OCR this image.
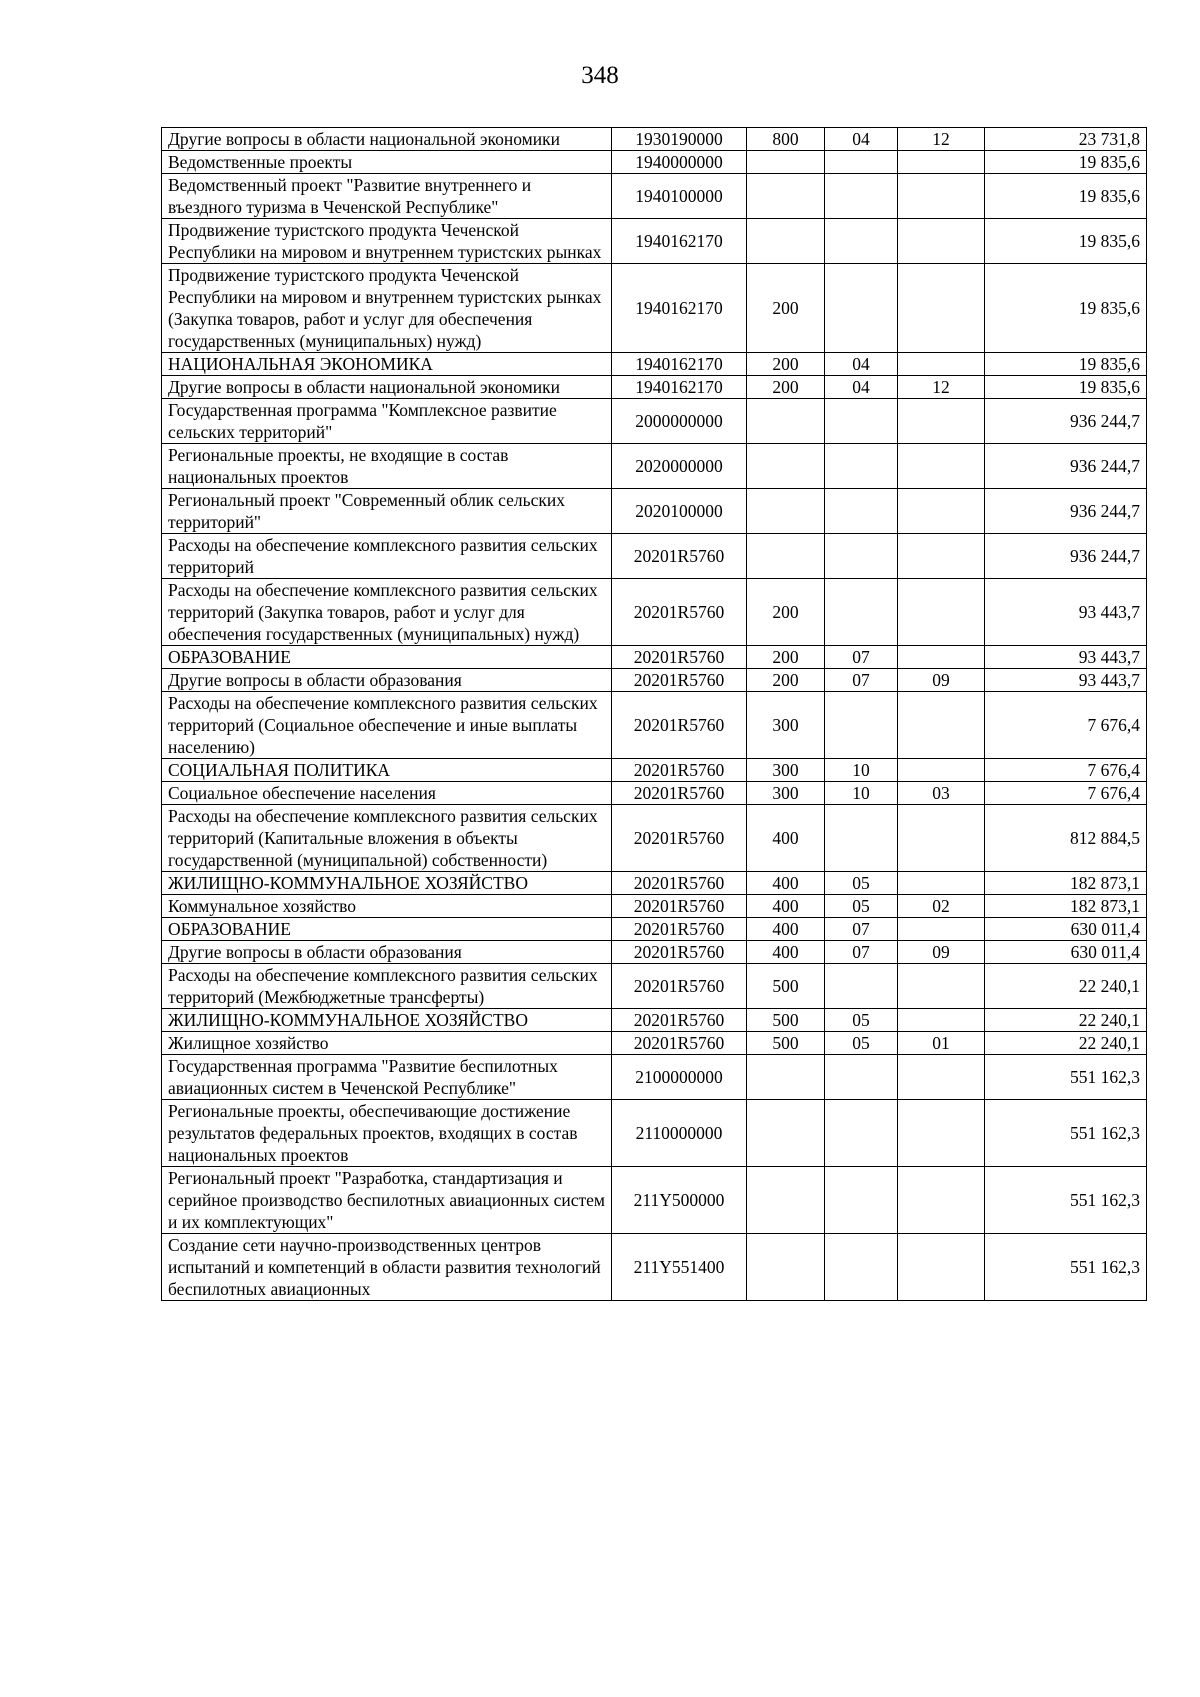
348
Другие вопросы в области национальной экономики	1930190000	800	04	12	23 731,8
Ведомственные проекты	1940000000				19 835,6
Ведомственный проект "Развитие внутреннего и въездного туризма в Чеченской Республике"	1940100000				19 835,6
Продвижение туристского продукта Чеченской Республики на мировом и внутреннем туристских рынках	1940162170				19 835,6
Продвижение туристского продукта Чеченской Республики на мировом и внутреннем туристских рынках (Закупка товаров, работ и услуг для обеспечения государственных (муниципальных) нужд)	1940162170	200			19 835,6
НАЦИОНАЛЬНАЯ ЭКОНОМИКА	1940162170	200	04		19 835,6
Другие вопросы в области национальной экономики	1940162170	200	04	12	19 835,6
Государственная программа "Комплексное развитие сельских территорий"	2000000000				936 244,7
Региональные проекты, не входящие в состав национальных проектов	2020000000				936 244,7
Региональный проект "Современный облик сельских территорий"	2020100000				936 244,7
Расходы на обеспечение комплексного развития сельских территорий	20201R5760				936 244,7
Расходы на обеспечение комплексного развития сельских территорий (Закупка товаров, работ и услуг для обеспечения государственных (муниципальных) нужд)	20201R5760	200			93 443,7
ОБРАЗОВАНИЕ	20201R5760	200	07		93 443,7
Другие вопросы в области образования	20201R5760	200	07	09	93 443,7
Расходы на обеспечение комплексного развития сельских территорий (Социальное обеспечение и иные выплаты населению)	20201R5760	300			7 676,4
СОЦИАЛЬНАЯ ПОЛИТИКА	20201R5760	300	10		7 676,4
Социальное обеспечение населения	20201R5760	300	10	03	7 676,4
Расходы на обеспечение комплексного развития сельских территорий (Капитальные вложения в объекты государственной (муниципальной) собственности)	20201R5760	400			812 884,5
ЖИЛИЩНО-КОММУНАЛЬНОЕ ХОЗЯЙСТВО	20201R5760	400	05		182 873,1
Коммунальное хозяйство	20201R5760	400	05	02	182 873,1
ОБРАЗОВАНИЕ	20201R5760	400	07		630 011,4
Другие вопросы в области образования	20201R5760	400	07	09	630 011,4
Расходы на обеспечение комплексного развития сельских территорий (Межбюджетные трансферты)	20201R5760	500			22 240,1
ЖИЛИЩНО-КОММУНАЛЬНОЕ ХОЗЯЙСТВО	20201R5760	500	05		22 240,1
Жилищное хозяйство	20201R5760	500	05	01	22 240,1
Государственная программа "Развитие беспилотных авиационных систем в Чеченской Республике"	2100000000				551 162,3
Региональные проекты, обеспечивающие достижение результатов федеральных проектов, входящих в состав национальных проектов	2110000000				551 162,3
Региональный проект "Разработка, стандартизация и серийное производство беспилотных авиационных систем и их комплектующих"	211Y500000				551 162,3
Создание сети научно-производственных центров испытаний и компетенций в области развития технологий беспилотных авиационных	211Y551400				551 162,3
